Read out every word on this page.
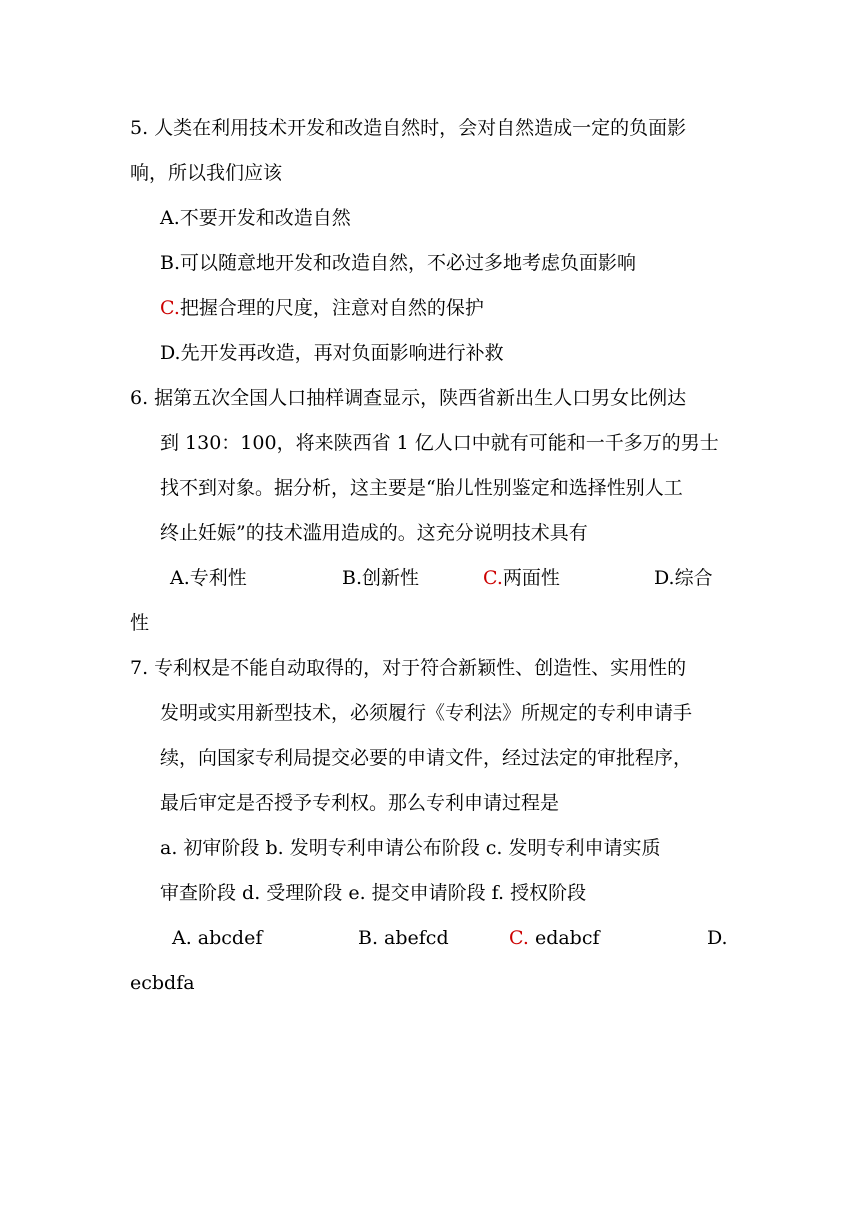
5. 人类在利用技术开发和改造自然时，会对自然造成一定的负面影
响，所以我们应该
A.不要开发和改造自然
B.可以随意地开发和改造自然，不必过多地考虑负面影响
C.把握合理的尺度，注意对自然的保护
D.先开发再改造，再对负面影响进行补救
6. 据第五次全国人口抽样调查显示，陕西省新出生人口男女比例达
到 130：100，将来陕西省 1 亿人口中就有可能和一千多万的男士
找不到对象。据分析，这主要是“胎儿性别鉴定和选择性别人工
终止妊娠”的技术滥用造成的。这充分说明技术具有
A.专利性	B.创新性	C.两面性	D.综合
性
7. 专利权是不能自动取得的，对于符合新颖性、创造性、实用性的
发明或实用新型技术，必须履行《专利法》所规定的专利申请手
续，向国家专利局提交必要的申请文件，经过法定的审批程序，
最后审定是否授予专利权。那么专利申请过程是
a. 初审阶段 b. 发明专利申请公布阶段 c. 发明专利申请实质
审查阶段 d. 受理阶段 e. 提交申请阶段 f. 授权阶段
A. abcdef	B. abefcd	C. edabcf	D.
ecbdfa
